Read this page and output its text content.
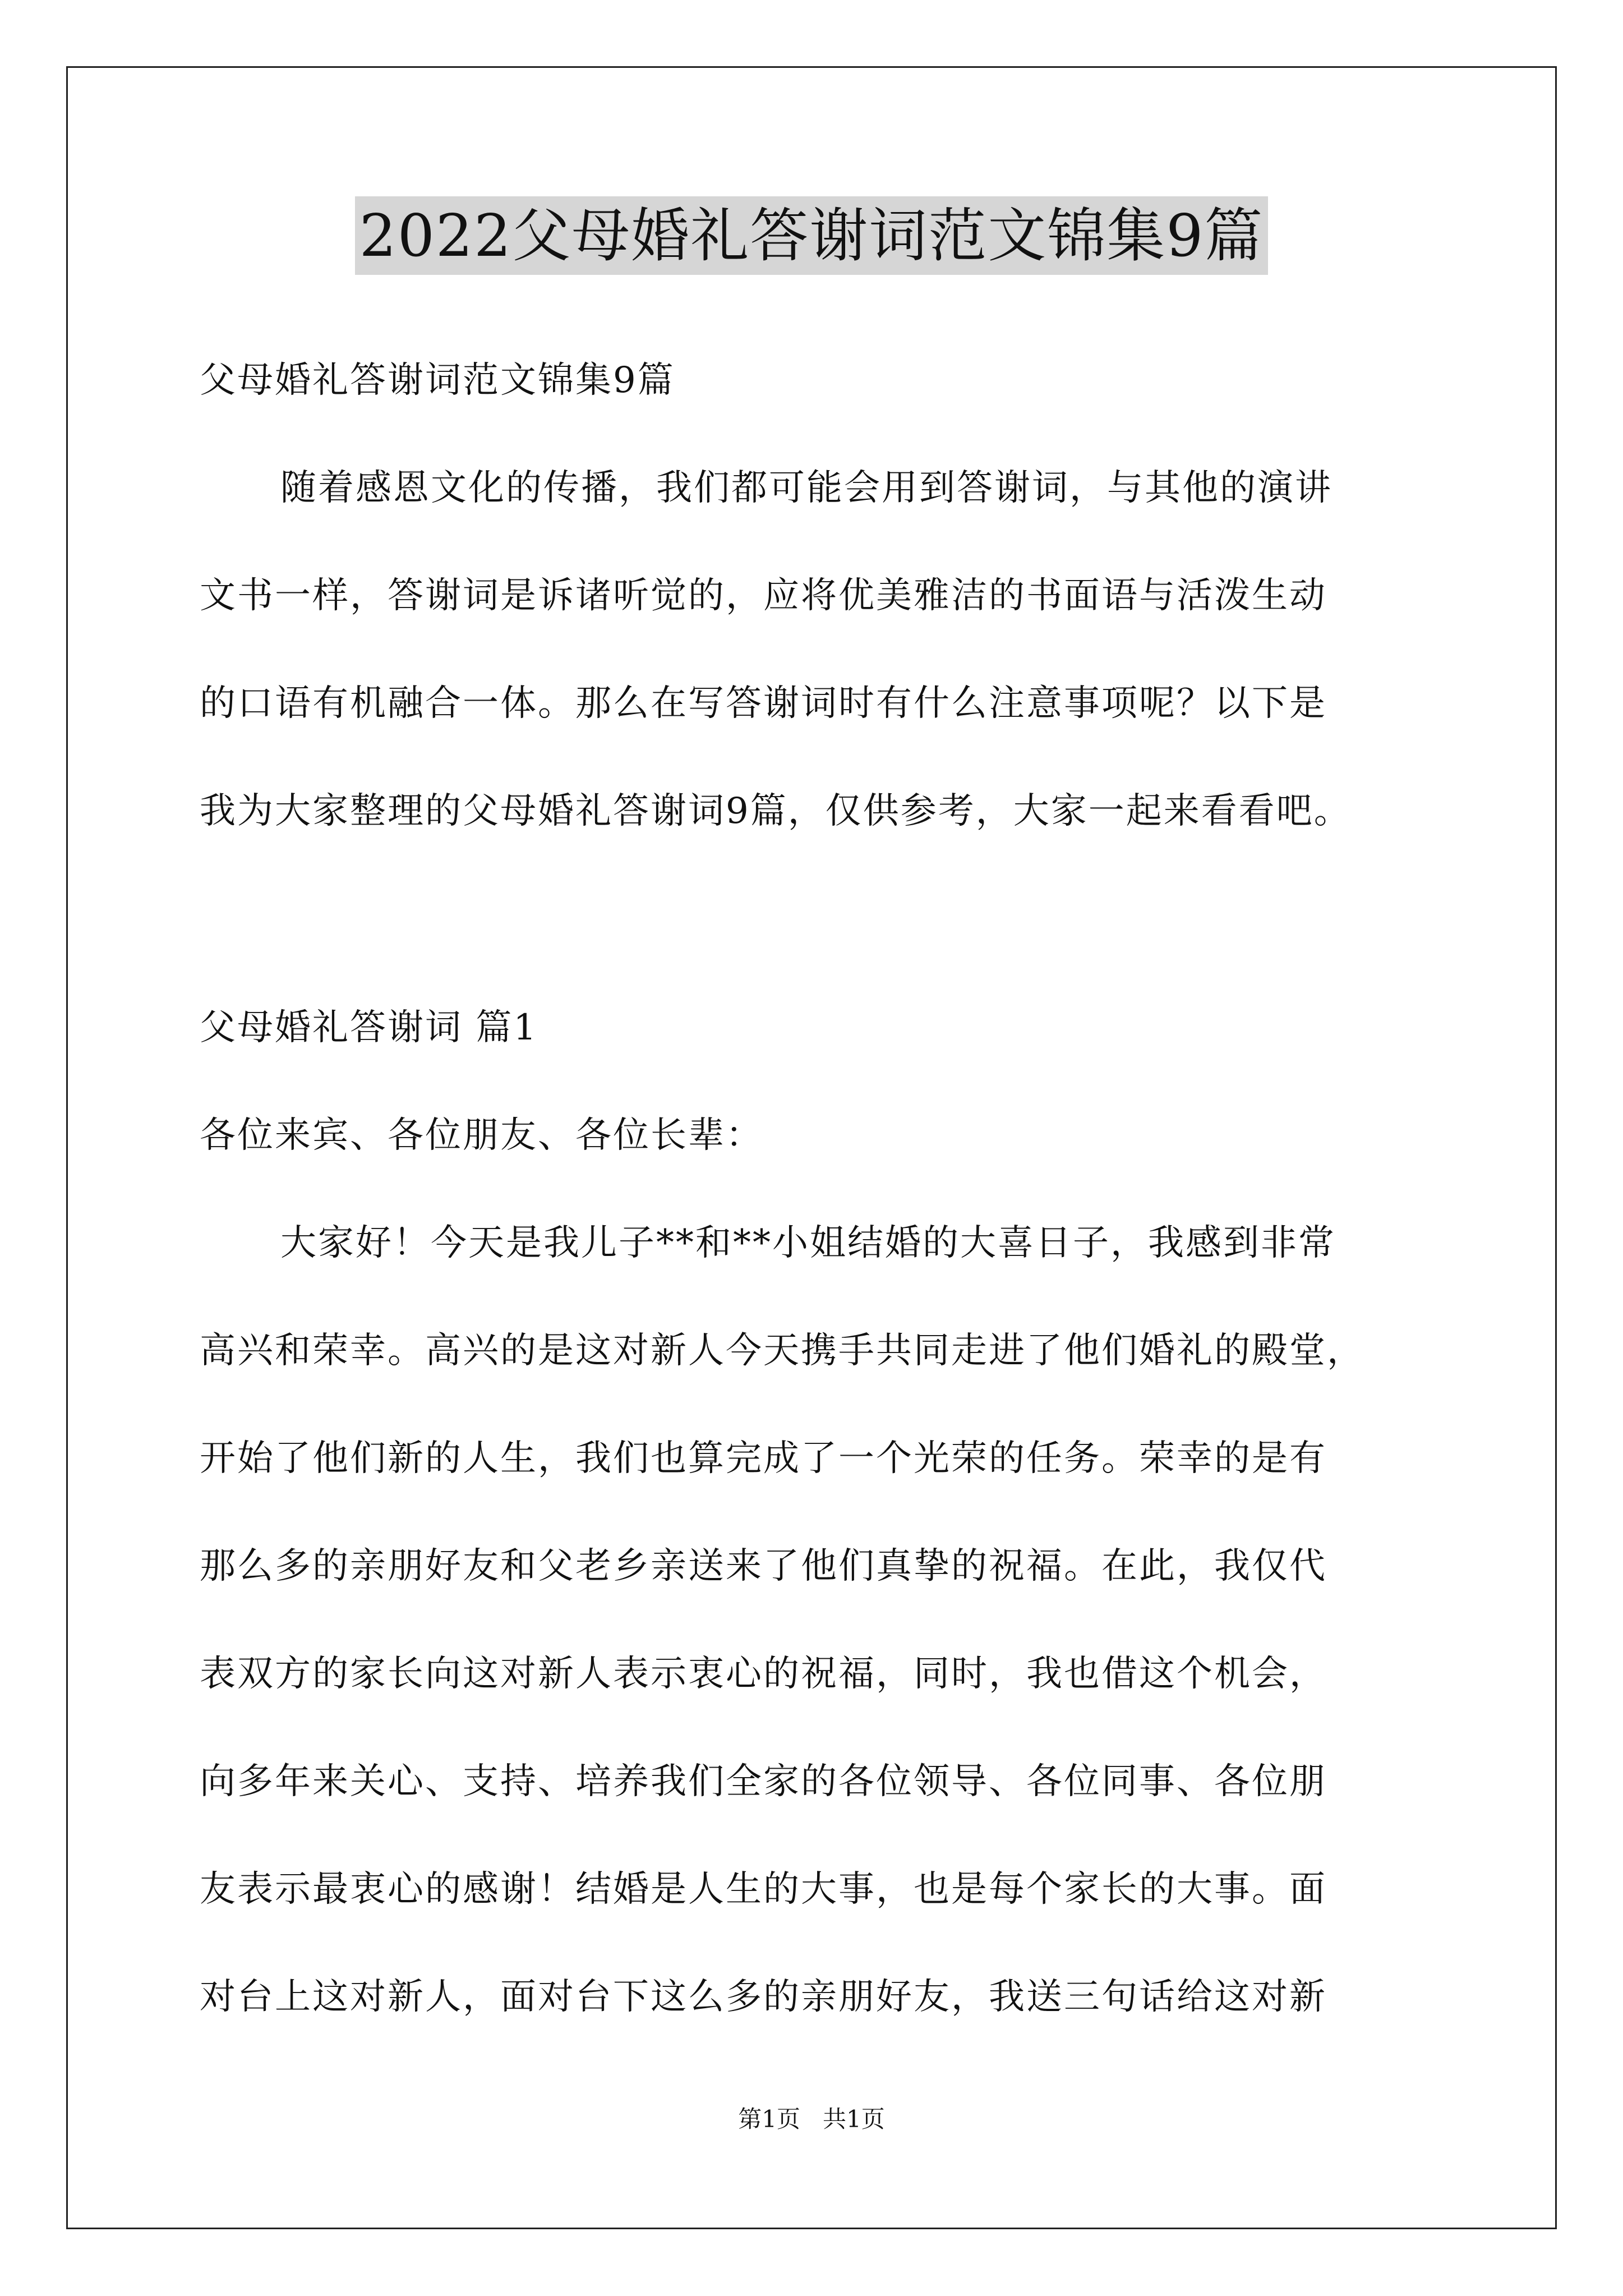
2022父母婚礼答谢词范文锦集9篇
父母婚礼答谢词范文锦集9篇
随着感恩文化的传播，我们都可能会用到答谢词，与其他的演讲
文书一样，答谢词是诉诸听觉的，应将优美雅洁的书面语与活泼生动
的口语有机融合一体。那么在写答谢词时有什么注意事项呢？以下是
我为大家整理的父母婚礼答谢词9篇，仅供参考，大家一起来看看吧。
父母婚礼答谢词 篇1
各位来宾、各位朋友、各位长辈：
大家好！今天是我儿子**和**小姐结婚的大喜日子，我感到非常
高兴和荣幸。高兴的是这对新人今天携手共同走进了他们婚礼的殿堂，
开始了他们新的人生，我们也算完成了一个光荣的任务。荣幸的是有
那么多的亲朋好友和父老乡亲送来了他们真挚的祝福。在此，我仅代
表双方的家长向这对新人表示衷心的祝福，同时，我也借这个机会，
向多年来关心、支持、培养我们全家的各位领导、各位同事、各位朋
友表示最衷心的感谢！结婚是人生的大事，也是每个家长的大事。面
对台上这对新人，面对台下这么多的亲朋好友，我送三句话给这对新
第1页   共1页
